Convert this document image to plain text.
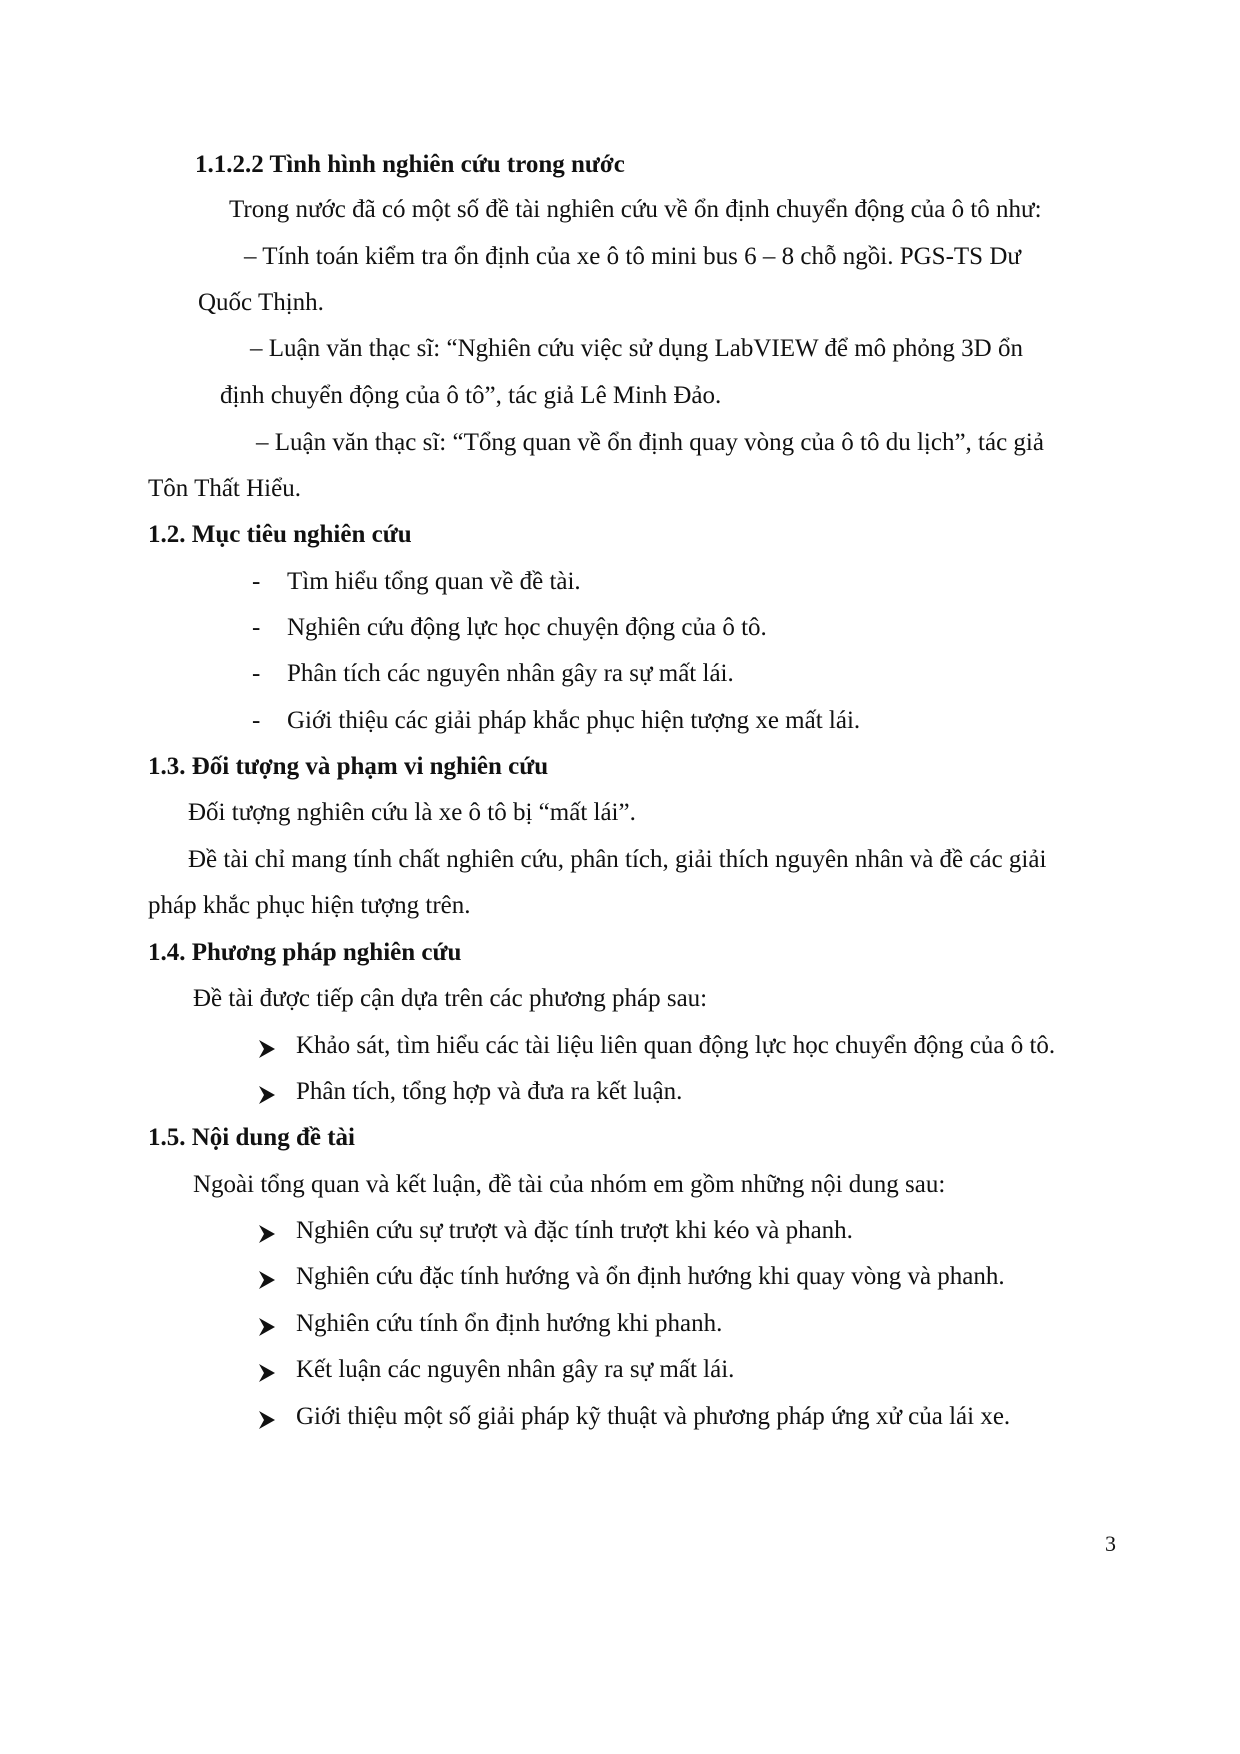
1.1.2.2 Tình hình nghiên cứu trong nước
Trong nước đã có một số đề tài nghiên cứu về ổn định chuyển động của ô tô như:
– Tính toán kiểm tra ổn định của xe ô tô mini bus 6 – 8 chỗ ngồi. PGS-TS Dư
Quốc Thịnh.
– Luận văn thạc sĩ: “Nghiên cứu việc sử dụng LabVIEW để mô phỏng 3D ổn
định chuyển động của ô tô”, tác giả Lê Minh Đảo.
– Luận văn thạc sĩ: “Tổng quan về ổn định quay vòng của ô tô du lịch”, tác giả
Tôn Thất Hiểu.
1.2. Mục tiêu nghiên cứu
- Tìm hiểu tổng quan về đề tài.
- Nghiên cứu động lực học chuyện động của ô tô.
- Phân tích các nguyên nhân gây ra sự mất lái.
- Giới thiệu các giải pháp khắc phục hiện tượng xe mất lái.
1.3. Đối tượng và phạm vi nghiên cứu
Đối tượng nghiên cứu là xe ô tô bị “mất lái”.
Đề tài chỉ mang tính chất nghiên cứu, phân tích, giải thích nguyên nhân và đề các giải
pháp khắc phục hiện tượng trên.
1.4. Phương pháp nghiên cứu
Đề tài được tiếp cận dựa trên các phương pháp sau:
Khảo sát, tìm hiểu các tài liệu liên quan động lực học chuyển động của ô tô.
Phân tích, tổng hợp và đưa ra kết luận.
1.5. Nội dung đề tài
Ngoài tổng quan và kết luận, đề tài của nhóm em gồm những nội dung sau:
Nghiên cứu sự trượt và đặc tính trượt khi kéo và phanh.
Nghiên cứu đặc tính hướng và ổn định hướng khi quay vòng và phanh.
Nghiên cứu tính ổn định hướng khi phanh.
Kết luận các nguyên nhân gây ra sự mất lái.
Giới thiệu một số giải pháp kỹ thuật và phương pháp ứng xử của lái xe.
3
